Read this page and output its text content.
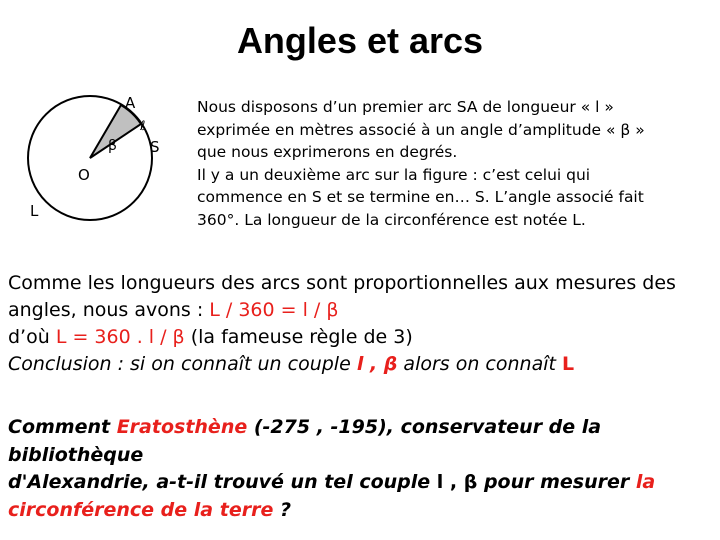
Angles et arcs
A
β
ℓ
S
O
L

Nous disposons d’un premier arc SA de longueur « l »

exprimée en mètres associé à un angle d’amplitude « β »

que nous exprimerons en degrés.

Il y a un deuxième arc sur la figure : c’est celui qui

commence en S et se termine en… S. L’angle associé fait

360°. La longueur de la circonférence est notée L.

Comme les longueurs des arcs sont proportionnelles aux mesures des

angles, nous avons : L / 360 = l / β

d’où L = 360 . l / β (la fameuse règle de 3)

Conclusion : si on connaît un couple l , β alors on connaît L

Comment Eratosthène (-275 , -195), conservateur de la bibliothèque

d'Alexandrie, a-t-il trouvé un tel couple l , β pour mesurer la

circonférence de la terre ?
